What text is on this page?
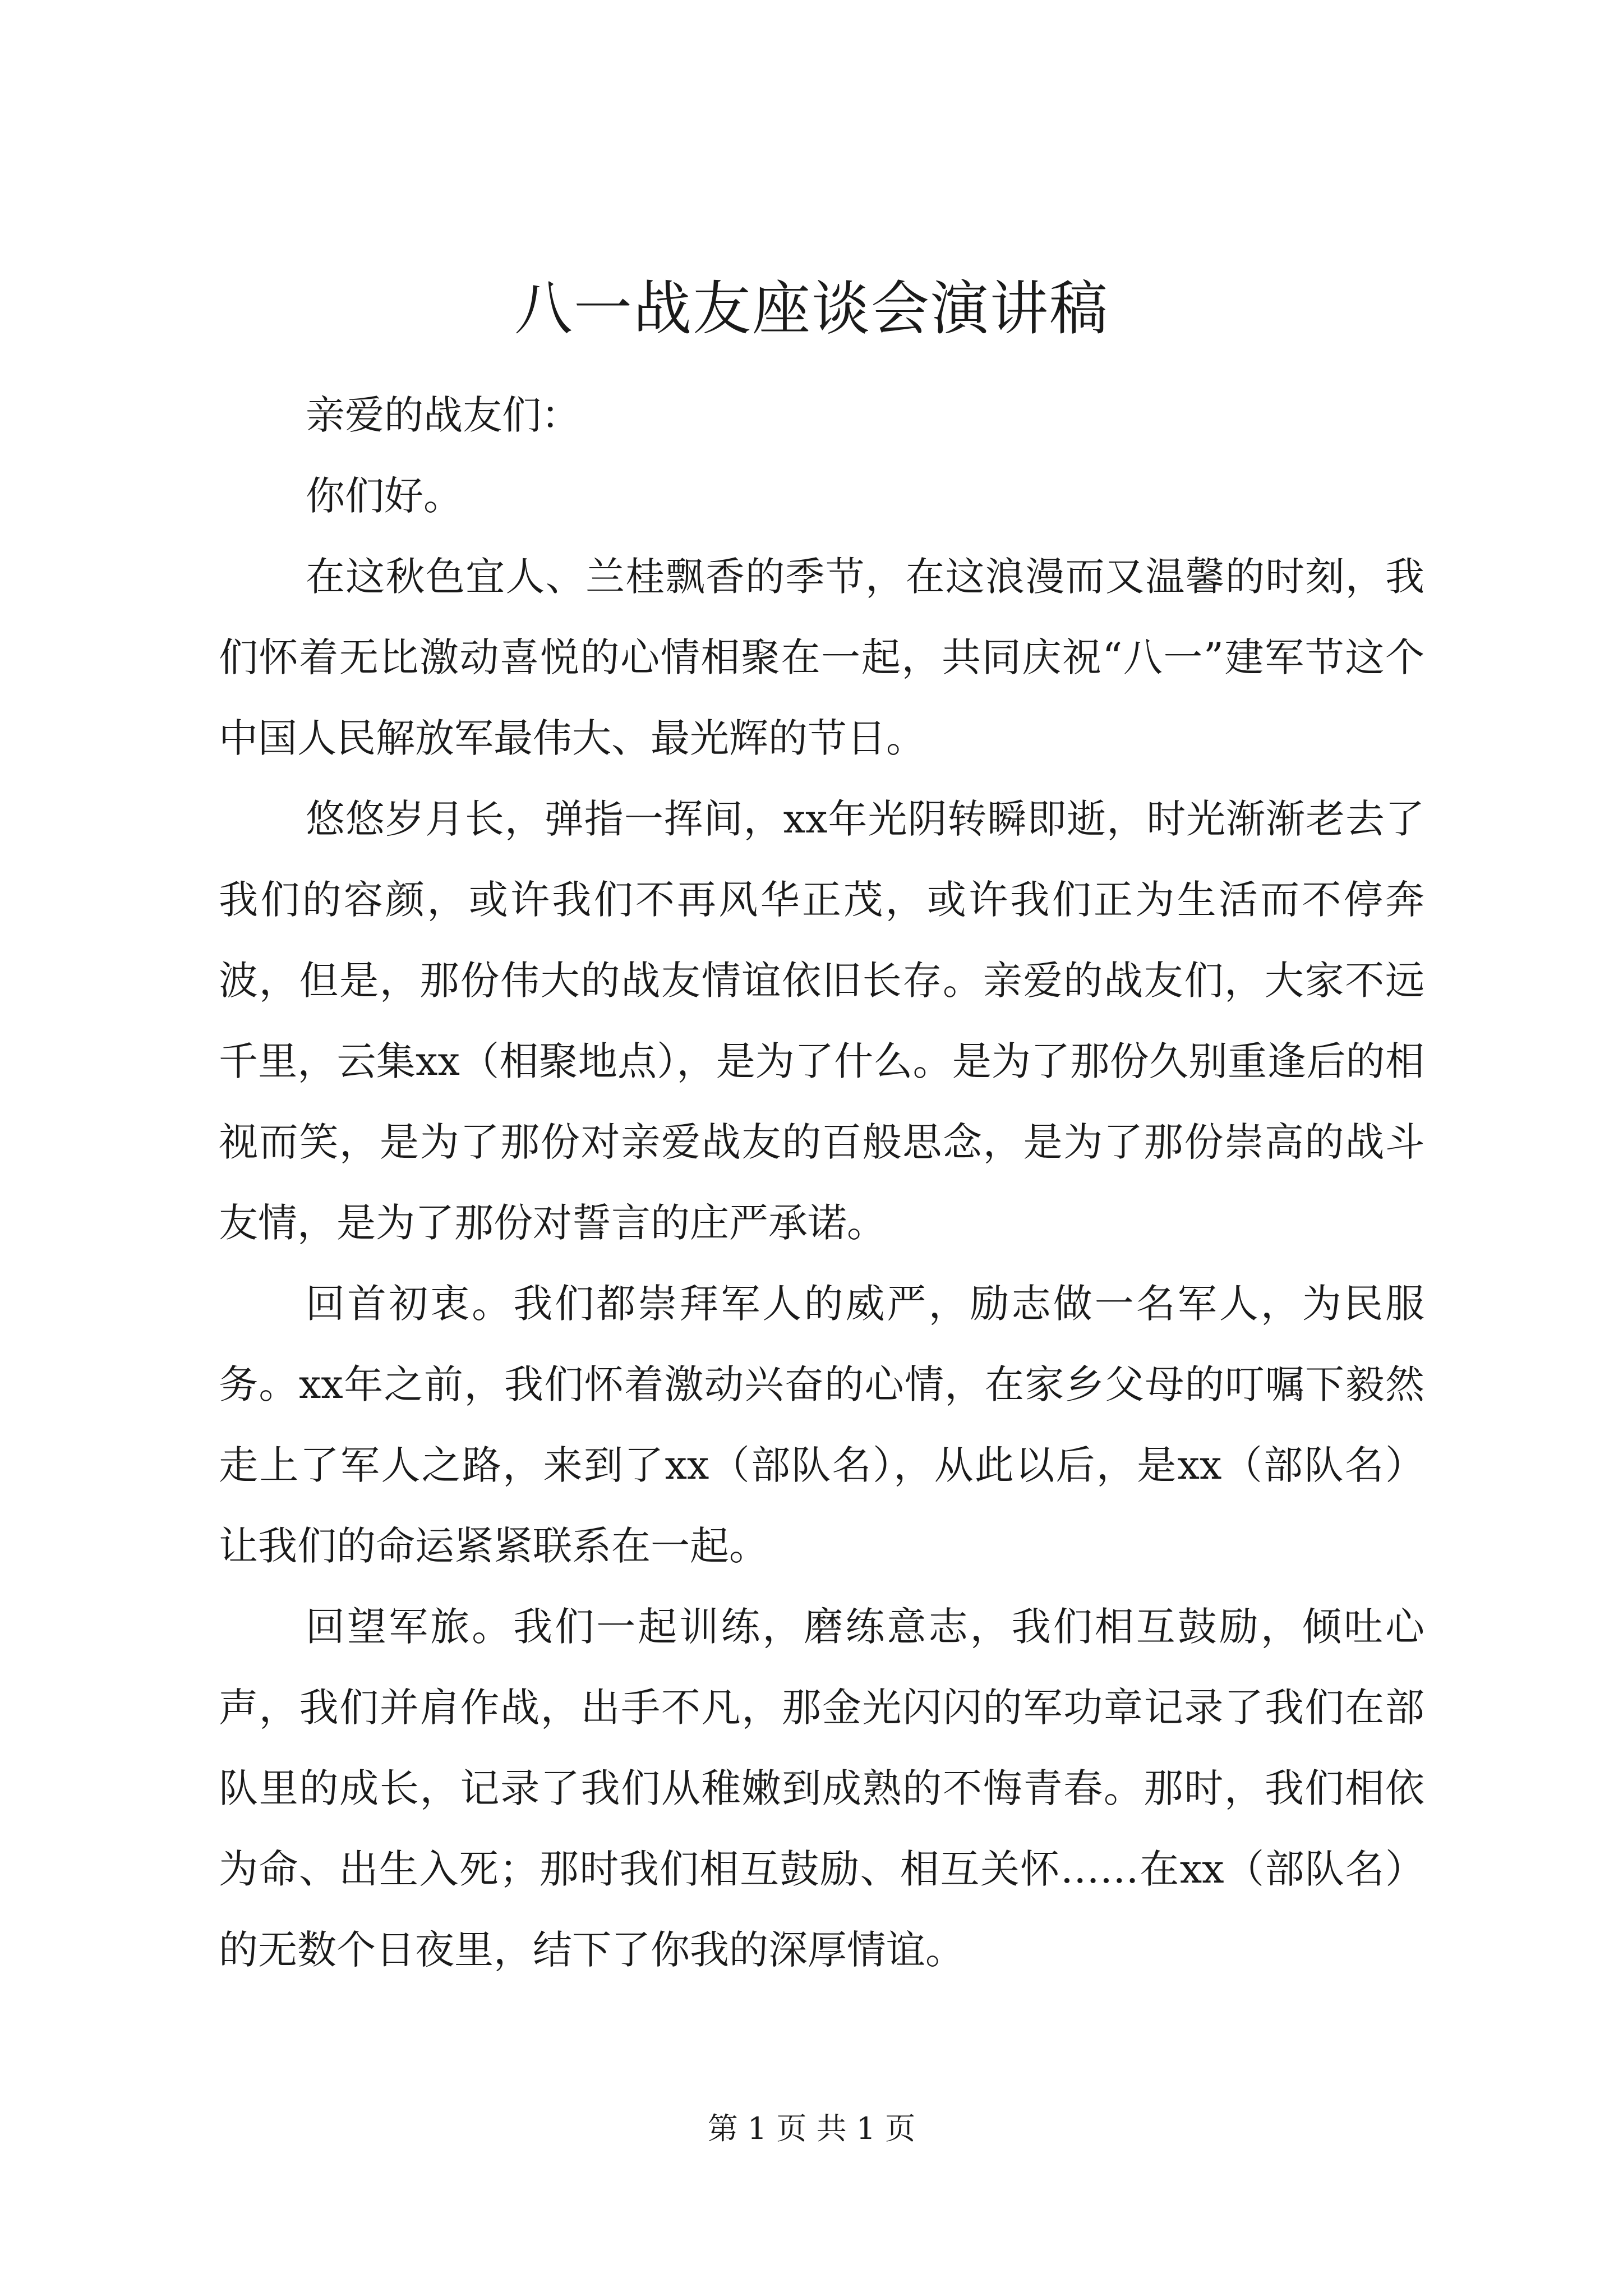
八一战友座谈会演讲稿

亲爱的战友们：

你们好。

在这秋色宜人、兰桂飘香的季节，在这浪漫而又温馨的时刻，我们怀着无比激动喜悦的心情相聚在一起，共同庆祝“八一”建军节这个中国人民解放军最伟大、最光辉的节日。

悠悠岁月长，弹指一挥间，xx年光阴转瞬即逝，时光渐渐老去了我们的容颜，或许我们不再风华正茂，或许我们正为生活而不停奔波，但是，那份伟大的战友情谊依旧长存。亲爱的战友们，大家不远千里，云集xx（相聚地点），是为了什么。是为了那份久别重逢后的相视而笑，是为了那份对亲爱战友的百般思念，是为了那份崇高的战斗友情，是为了那份对誓言的庄严承诺。

回首初衷。我们都崇拜军人的威严，励志做一名军人，为民服务。xx年之前，我们怀着激动兴奋的心情，在家乡父母的叮嘱下毅然走上了军人之路，来到了xx（部队名），从此以后，是xx（部队名）让我们的命运紧紧联系在一起。

回望军旅。我们一起训练，磨练意志，我们相互鼓励，倾吐心声，我们并肩作战，出手不凡，那金光闪闪的军功章记录了我们在部队里的成长，记录了我们从稚嫩到成熟的不悔青春。那时，我们相依为命、出生入死；那时我们相互鼓励、相互关怀……在xx（部队名）的无数个日夜里，结下了你我的深厚情谊。

第 1 页 共 1 页
